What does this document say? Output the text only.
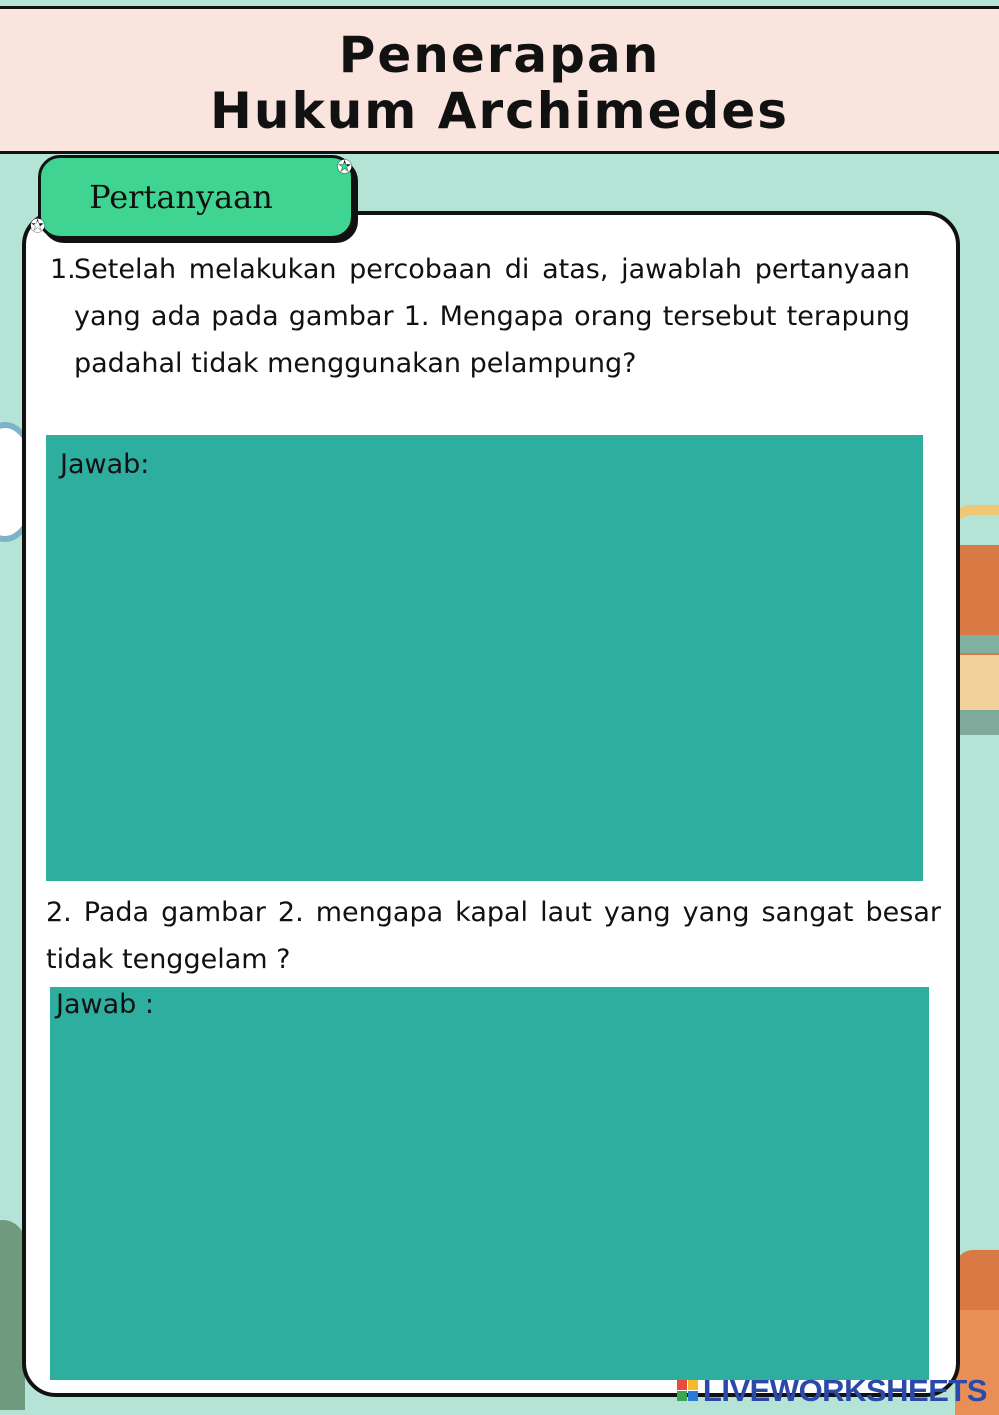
Penerapan
Hukum Archimedes
Pertanyaan
✪
✪
1.
Setelah melakukan percobaan di atas, jawablah pertanyaan yang ada pada gambar 1. Mengapa orang tersebut terapung padahal tidak menggunakan pelampung?
Jawab:
2. Pada gambar 2. mengapa kapal laut yang yang sangat besar tidak tenggelam ?
Jawab :
LIVEWORKSHEETS
